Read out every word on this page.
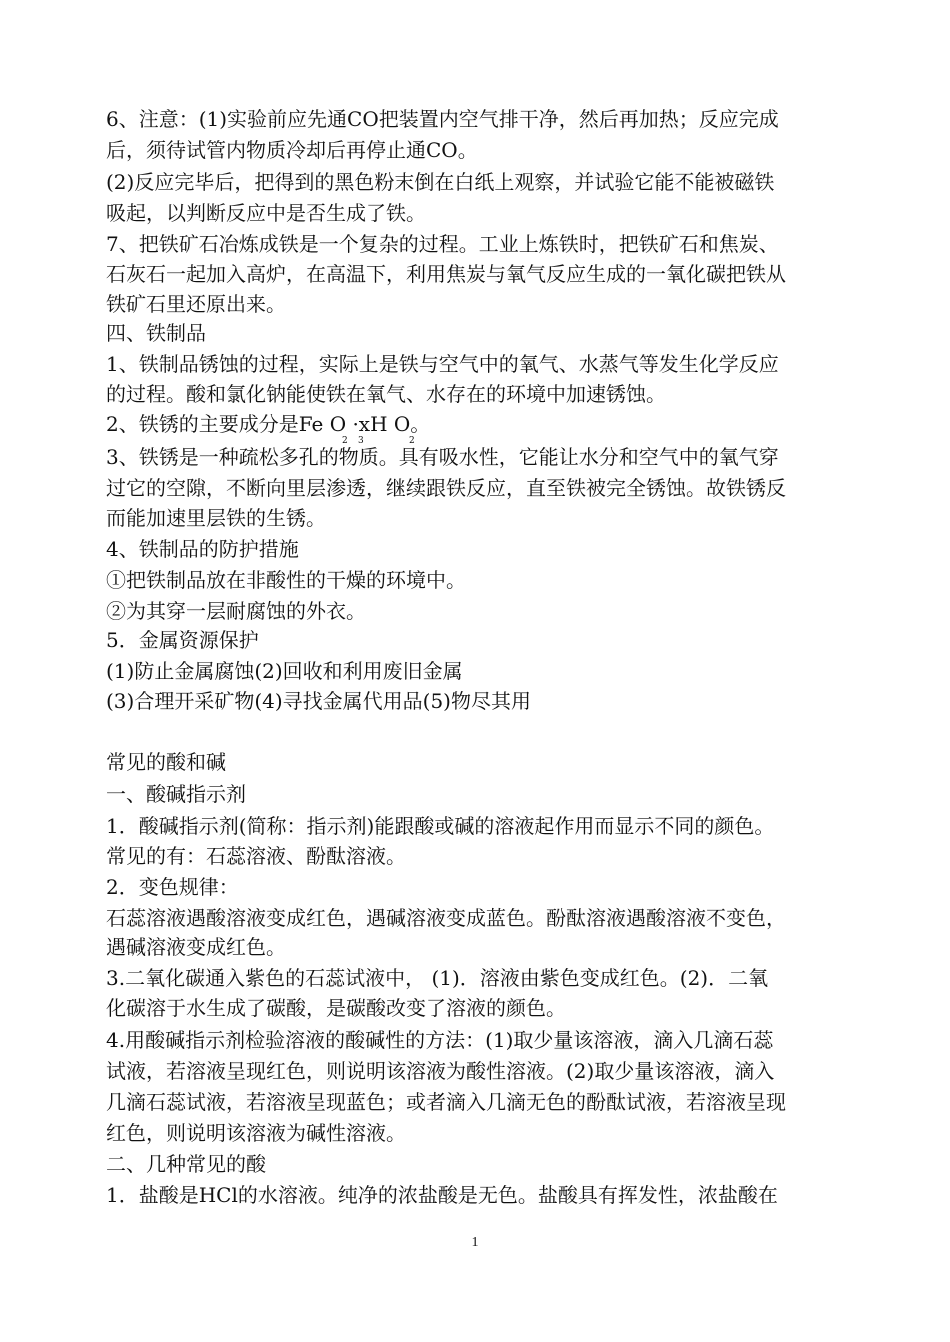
6、注意：(1)实验前应先通CO把装置内空气排干净，然后再加热；反应完成
后，须待试管内物质冷却后再停止通CO。
(2)反应完毕后，把得到的黑色粉末倒在白纸上观察，并试验它能不能被磁铁
吸起，以判断反应中是否生成了铁。
7、把铁矿石冶炼成铁是一个复杂的过程。工业上炼铁时，把铁矿石和焦炭、
石灰石一起加入高炉，在高温下，利用焦炭与氧气反应生成的一氧化碳把铁从
铁矿石里还原出来。
四、铁制品
1、铁制品锈蚀的过程，实际上是铁与空气中的氧气、水蒸气等发生化学反应
的过程。酸和氯化钠能使铁在氧气、水存在的环境中加速锈蚀。
2、铁锈的主要成分是Fe O ·xH O。
2 3	2
3、铁锈是一种疏松多孔的物质。具有吸水性，它能让水分和空气中的氧气穿
过它的空隙，不断向里层渗透，继续跟铁反应，直至铁被完全锈蚀。故铁锈反
而能加速里层铁的生锈。
4、铁制品的防护措施
①把铁制品放在非酸性的干燥的环境中。
②为其穿一层耐腐蚀的外衣。
5．金属资源保护
(1)防止金属腐蚀(2)回收和利用废旧金属
(3)合理开采矿物(4)寻找金属代用品(5)物尽其用
常见的酸和碱
一、酸碱指示剂
1．酸碱指示剂(简称：指示剂)能跟酸或碱的溶液起作用而显示不同的颜色。
常见的有：石蕊溶液、酚酞溶液。
2．变色规律：
石蕊溶液遇酸溶液变成红色，遇碱溶液变成蓝色。酚酞溶液遇酸溶液不变色，
遇碱溶液变成红色。
3.二氧化碳通入紫色的石蕊试液中， (1)．溶液由紫色变成红色。(2)．二氧
化碳溶于水生成了碳酸，是碳酸改变了溶液的颜色。
4.用酸碱指示剂检验溶液的酸碱性的方法：(1)取少量该溶液，滴入几滴石蕊
试液，若溶液呈现红色，则说明该溶液为酸性溶液。(2)取少量该溶液，滴入
几滴石蕊试液，若溶液呈现蓝色；或者滴入几滴无色的酚酞试液，若溶液呈现
红色，则说明该溶液为碱性溶液。
二、几种常见的酸
1．盐酸是HCl的水溶液。纯净的浓盐酸是无色。盐酸具有挥发性，浓盐酸在
1
